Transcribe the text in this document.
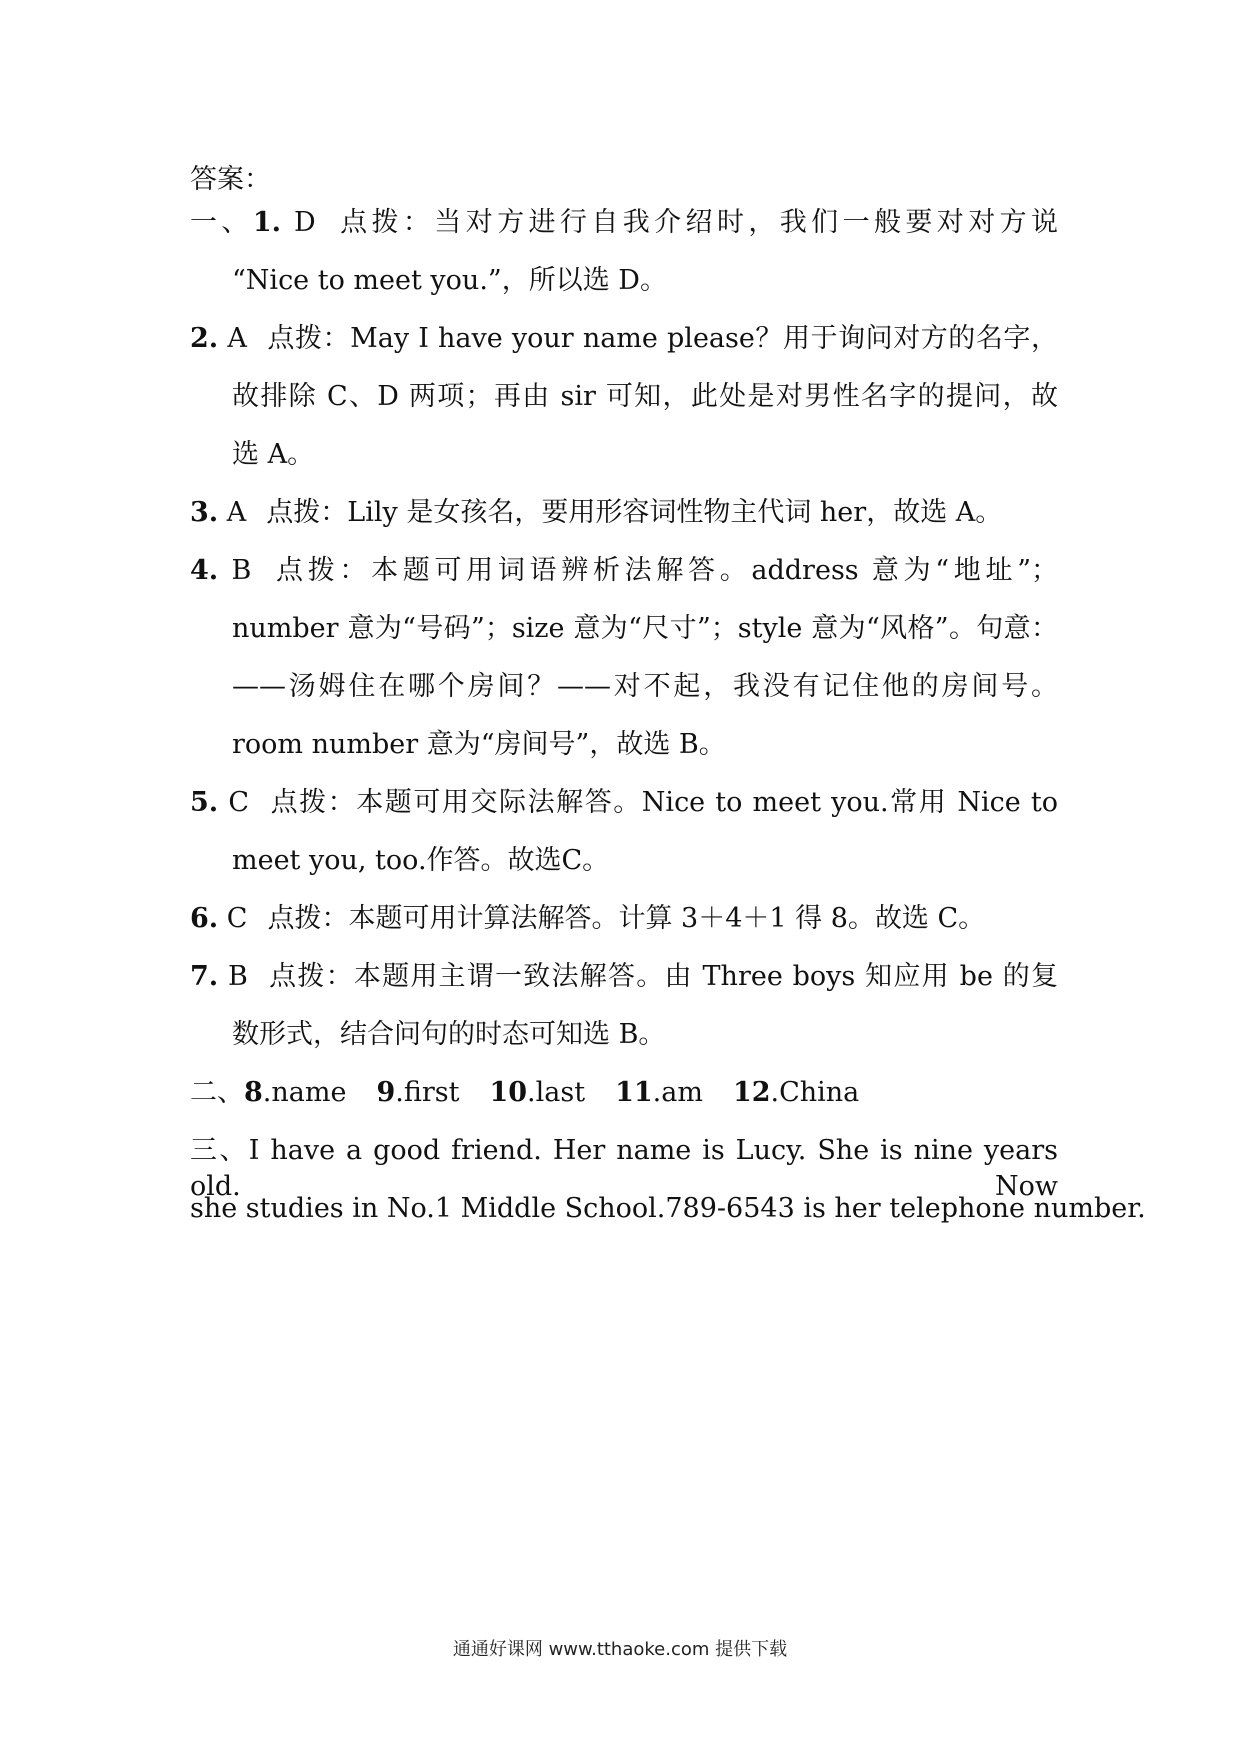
答案：
一、1. D 点拨：当对方进行自我介绍时，我们一般要对对方说
“Nice to meet you.”，所以选 D。
2. A 点拨：May I have your name please？用于询问对方的名字，
故排除 C、D 两项；再由 sir 可知，此处是对男性名字的提问，故
选 A。
3. A 点拨：Lily 是女孩名，要用形容词性物主代词 her，故选 A。
4. B 点拨：本题可用词语辨析法解答。address 意为“地址”；
number 意为“号码”；size 意为“尺寸”；style 意为“风格”。句意：
——汤姆住在哪个房间？——对不起，我没有记住他的房间号。
room number 意为“房间号”，故选 B。
5. C 点拨：本题可用交际法解答。Nice to meet you.常用 Nice to
meet you, too.作答。故选C。
6. C 点拨：本题可用计算法解答。计算 3＋4＋1 得 8。故选 C。
7. B 点拨：本题用主谓一致法解答。由 Three boys 知应用 be 的复
数形式，结合问句的时态可知选 B。
二、8.name 9.first 10.last 11.am 12.China
三、I have a good friend. Her name is Lucy. She is nine years old. Now
she studies in No.1 Middle School.789-6543 is her telephone number.
通通好课网 www.tthaoke.com 提供下载
